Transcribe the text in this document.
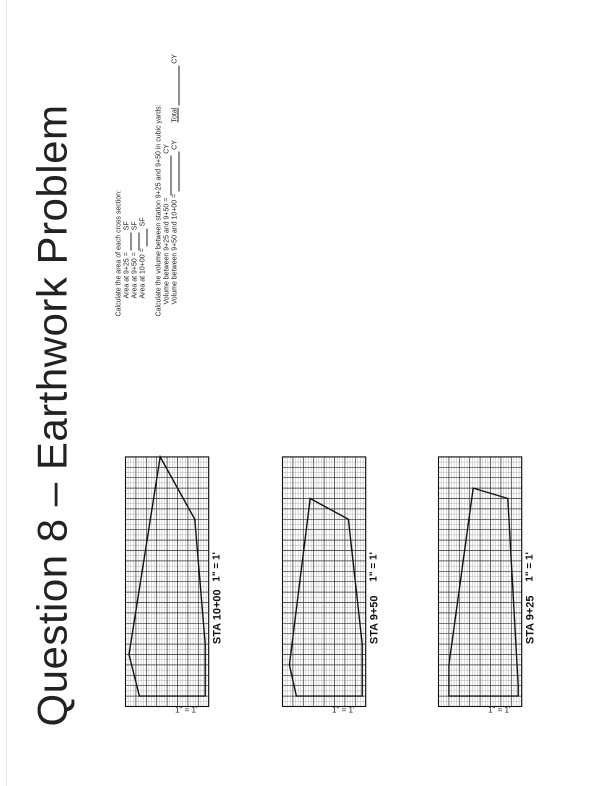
Question 8 – Earthwork Problem	STA 10+00
1" = 1'
1" = 1'
STA 9+50
1" = 1'
1" = 1'
STA 9+25
1" = 1'
1" = 1'
Calculate the area of each cross section: Area at 9+25 =  SF
Area at 9+50 =  SF
Area at 10+00 =  SF Calculate the volume between station 9+25 and 9+50 in cubic yards: Volume between 9+25 and 9+50 =  CY
Volume between 9+50 and 10+00 =  CY  Total  CY
